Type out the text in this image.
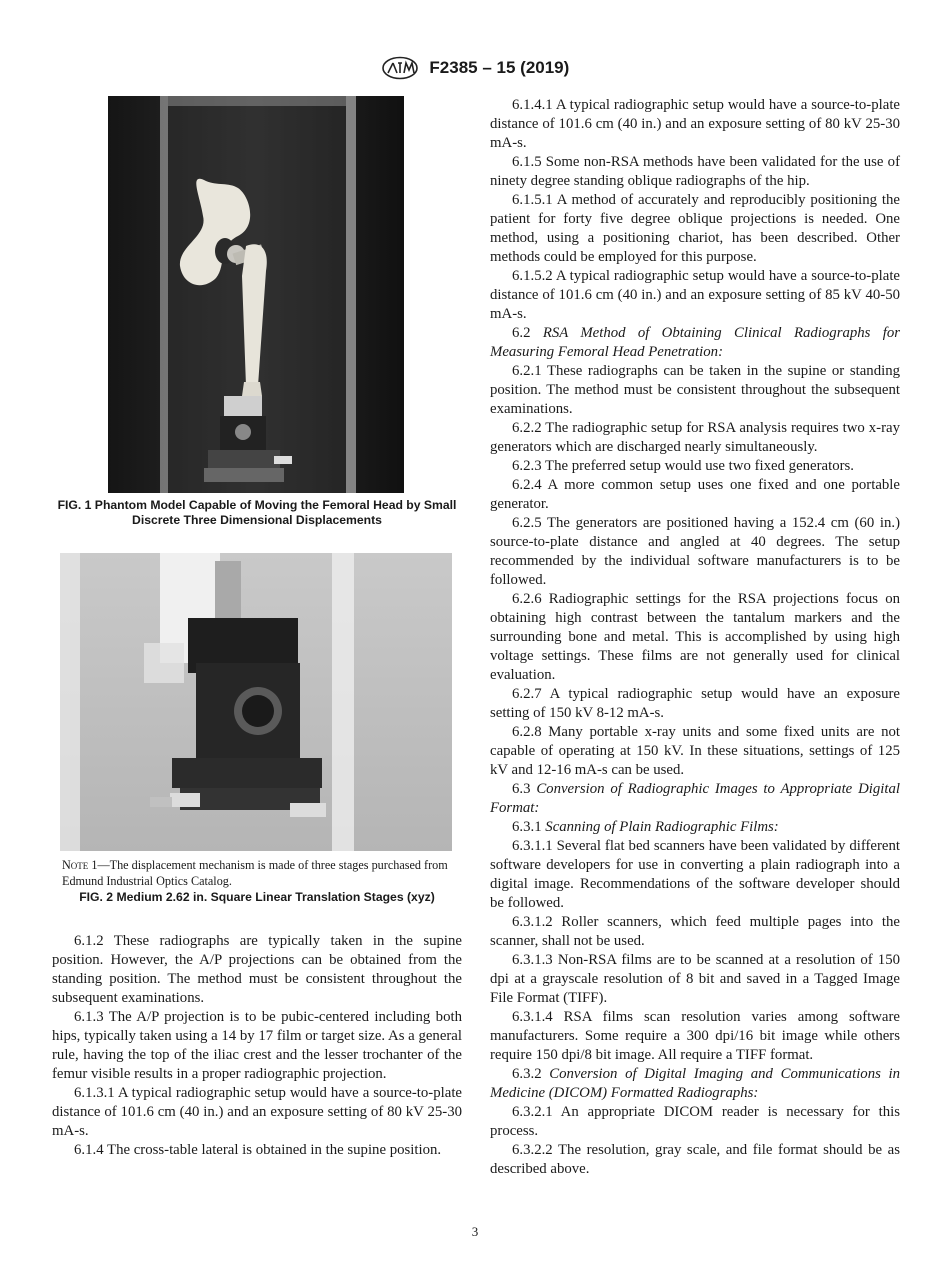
F2385 – 15 (2019)
FIG. 1 Phantom Model Capable of Moving the Femoral Head by Small Discrete Three Dimensional Displacements
Note 1—The displacement mechanism is made of three stages purchased from Edmund Industrial Optics Catalog.
FIG. 2 Medium 2.62 in. Square Linear Translation Stages (xyz)

6.1.2 These radiographs are typically taken in the supine position. However, the A/P projections can be obtained from the standing position. The method must be consistent throughout the subsequent examinations.

6.1.3 The A/P projection is to be pubic-centered including both hips, typically taken using a 14 by 17 film or target size. As a general rule, having the top of the iliac crest and the lesser trochanter of the femur visible results in a proper radiographic projection.

6.1.3.1 A typical radiographic setup would have a source-to-plate distance of 101.6 cm (40 in.) and an exposure setting of 80 kV 25-30 mA-s.

6.1.4 The cross-table lateral is obtained in the supine position.

6.1.4.1 A typical radiographic setup would have a source-to-plate distance of 101.6 cm (40 in.) and an exposure setting of 80 kV 25-30 mA-s.

6.1.5 Some non-RSA methods have been validated for the use of ninety degree standing oblique radiographs of the hip.

6.1.5.1 A method of accurately and reproducibly positioning the patient for forty five degree oblique projections is needed. One method, using a positioning chariot, has been described. Other methods could be employed for this purpose.

6.1.5.2 A typical radiographic setup would have a source-to-plate distance of 101.6 cm (40 in.) and an exposure setting of 85 kV 40-50 mA-s.

6.2 RSA Method of Obtaining Clinical Radiographs for Measuring Femoral Head Penetration:

6.2.1 These radiographs can be taken in the supine or standing position. The method must be consistent throughout the subsequent examinations.

6.2.2 The radiographic setup for RSA analysis requires two x-ray generators which are discharged nearly simultaneously.

6.2.3 The preferred setup would use two fixed generators.

6.2.4 A more common setup uses one fixed and one portable generator.

6.2.5 The generators are positioned having a 152.4 cm (60 in.) source-to-plate distance and angled at 40 degrees. The setup recommended by the individual software manufacturers is to be followed.

6.2.6 Radiographic settings for the RSA projections focus on obtaining high contrast between the tantalum markers and the surrounding bone and metal. This is accomplished by using high voltage settings. These films are not generally used for clinical evaluation.

6.2.7 A typical radiographic setup would have an exposure setting of 150 kV 8-12 mA-s.

6.2.8 Many portable x-ray units and some fixed units are not capable of operating at 150 kV. In these situations, settings of 125 kV and 12-16 mA-s can be used.

6.3 Conversion of Radiographic Images to Appropriate Digital Format:

6.3.1 Scanning of Plain Radiographic Films:

6.3.1.1 Several flat bed scanners have been validated by different software developers for use in converting a plain radiograph into a digital image. Recommendations of the software developer should be followed.

6.3.1.2 Roller scanners, which feed multiple pages into the scanner, shall not be used.

6.3.1.3 Non-RSA films are to be scanned at a resolution of 150 dpi at a grayscale resolution of 8 bit and saved in a Tagged Image File Format (TIFF).

6.3.1.4 RSA films scan resolution varies among software manufacturers. Some require a 300 dpi/16 bit image while others require 150 dpi/8 bit image. All require a TIFF format.

6.3.2 Conversion of Digital Imaging and Communications in Medicine (DICOM) Formatted Radiographs:

6.3.2.1 An appropriate DICOM reader is necessary for this process.

6.3.2.2 The resolution, gray scale, and file format should be as described above.

3
